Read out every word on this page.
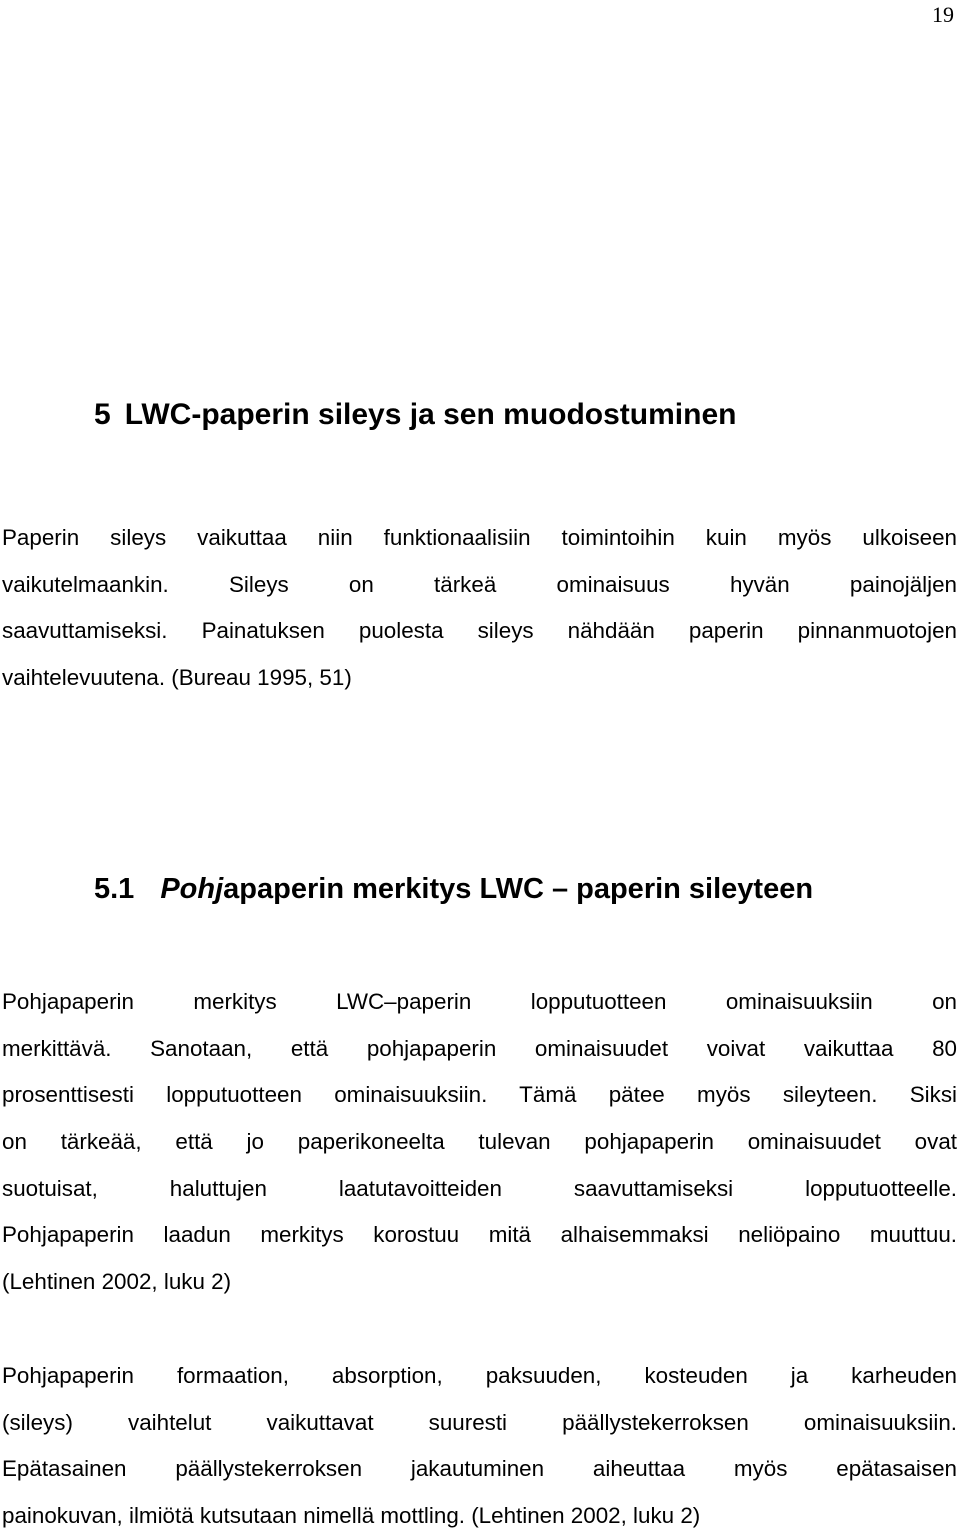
19
5 LWC-paperin sileys ja sen muodostuminen
Paperin sileys vaikuttaa niin funktionaalisiin toimintoihin kuin myös ulkoiseen
vaikutelmaankin. Sileys on tärkeä ominaisuus hyvän painojäljen
saavuttamiseksi. Painatuksen puolesta sileys nähdään paperin pinnanmuotojen
vaihtelevuutena. (Bureau 1995, 51)
5.1 Pohjapaperin merkitys LWC – paperin sileyteen
Pohjapaperin merkitys LWC–paperin lopputuotteen ominaisuuksiin on
merkittävä. Sanotaan, että pohjapaperin ominaisuudet voivat vaikuttaa 80
prosenttisesti lopputuotteen ominaisuuksiin. Tämä pätee myös sileyteen. Siksi
on tärkeää, että jo paperikoneelta tulevan pohjapaperin ominaisuudet ovat
suotuisat, haluttujen laatutavoitteiden saavuttamiseksi lopputuotteelle.
Pohjapaperin laadun merkitys korostuu mitä alhaisemmaksi neliöpaino muuttuu.
(Lehtinen 2002, luku 2)
Pohjapaperin formaation, absorption, paksuuden, kosteuden ja karheuden
(sileys) vaihtelut vaikuttavat suuresti päällystekerroksen ominaisuuksiin.
Epätasainen päällystekerroksen jakautuminen aiheuttaa myös epätasaisen
painokuvan, ilmiötä kutsutaan nimellä mottling. (Lehtinen 2002, luku 2)
